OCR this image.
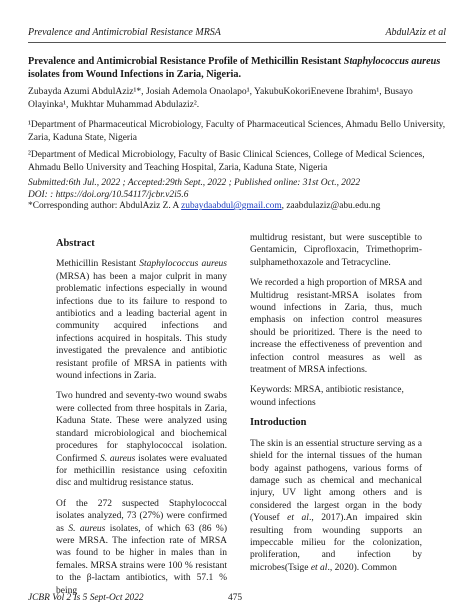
Prevalence and Antimicrobial Resistance MRSA	AbdulAziz et al
Prevalence and Antimicrobial Resistance Profile of Methicillin Resistant Staphylococcus aureus isolates from Wound Infections in Zaria, Nigeria.
Zubayda Azumi AbdulAziz¹*, Josiah Ademola Onaolapo¹, YakubuKokoriEnevene Ibrahim¹, Busayo Olayinka¹, Mukhtar Muhammad Abdulaziz².
¹Department of Pharmaceutical Microbiology, Faculty of Pharmaceutical Sciences, Ahmadu Bello University, Zaria, Kaduna State, Nigeria
²Department of Medical Microbiology, Faculty of Basic Clinical Sciences, College of Medical Sciences, Ahmadu Bello University and Teaching Hospital, Zaria, Kaduna State, Nigeria
Submitted:6th Jul., 2022 ; Accepted:29th Sept., 2022 ; Published online: 31st Oct., 2022
DOI: : https://doi.org/10.54117/jcbr.v2i5.6
*Corresponding author: AbdulAziz Z. A zubaydaabdul@gmail.com, zaabdulaziz@abu.edu.ng
Abstract

Methicillin Resistant Staphylococcus aureus (MRSA) has been a major culprit in many problematic infections especially in wound infections due to its failure to respond to antibiotics and a leading bacterial agent in community acquired infections and infections acquired in hospitals. This study investigated the prevalence and antibiotic resistant profile of MRSA in patients with wound infections in Zaria.

Two hundred and seventy-two wound swabs were collected from three hospitals in Zaria, Kaduna State. These were analyzed using standard microbiological and biochemical procedures for staphylococcal isolation. Confirmed S. aureus isolates were evaluated for methicillin resistance using cefoxitin disc and multidrug resistance status.

Of the 272 suspected Staphylococcal isolates analyzed, 73 (27%) were confirmed as S. aureus isolates, of which 63 (86 %) were MRSA. The infection rate of MRSA was found to be higher in males than in females. MRSA strains were 100 % resistant to the β-lactam antibiotics, with 57.1 % being

multidrug resistant, but were susceptible to Gentamicin, Ciprofloxacin, Trimethoprim-sulphamethoxazole and Tetracycline.

We recorded a high proportion of MRSA and Multidrug resistant-MRSA isolates from wound infections in Zaria, thus, much emphasis on infection control measures should be prioritized. There is the need to increase the effectiveness of prevention and infection control measures as well as treatment of MRSA infections.

Keywords: MRSA, antibiotic resistance, wound infections

Introduction

The skin is an essential structure serving as a shield for the internal tissues of the human body against pathogens, various forms of damage such as chemical and mechanical injury, UV light among others and is considered the largest organ in the body (Yousef et al., 2017).An impaired skin resulting from wounding supports an impeccable milieu for the colonization, proliferation, and infection by microbes(Tsige et al., 2020). Common

JCBR Vol 2 Is 5 Sept-Oct 2022	475
